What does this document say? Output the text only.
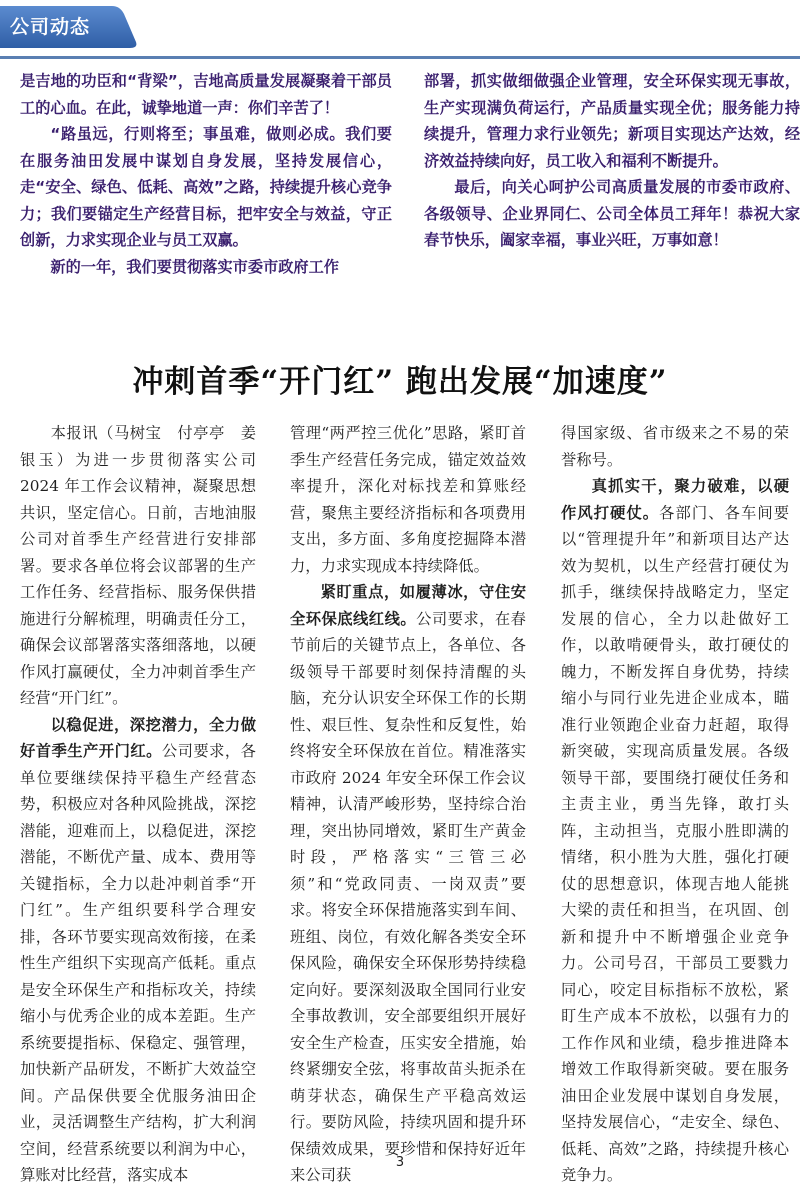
公司动态

是吉地的功臣和“背梁”，吉地高质量发展凝聚着干部员工的心血。在此，诚挚地道一声：你们辛苦了！

“路虽远，行则将至；事虽难，做则必成。我们要在服务油田发展中谋划自身发展，坚持发展信心，走“安全、绿色、低耗、高效”之路，持续提升核心竞争力；我们要锚定生产经营目标，把牢安全与效益，守正创新，力求实现企业与员工双赢。

新的一年，我们要贯彻落实市委市政府工作

部署，抓实做细做强企业管理，安全环保实现无事故，生产实现满负荷运行，产品质量实现全优；服务能力持续提升，管理力求行业领先；新项目实现达产达效，经济效益持续向好，员工收入和福利不断提升。

最后，向关心呵护公司高质量发展的市委市政府、各级领导、企业界同仁、公司全体员工拜年！恭祝大家春节快乐，阖家幸福，事业兴旺，万事如意！

冲刺首季“开门红” 跑出发展“加速度”

本报讯（马树宝　付亭亭　姜银玉）为进一步贯彻落实公司 2024 年工作会议精神，凝聚思想共识，坚定信心。日前，吉地油服公司对首季生产经营进行安排部署。要求各单位将会议部署的生产工作任务、经营指标、服务保供措施进行分解梳理，明确责任分工，确保会议部署落实落细落地，以硬作风打赢硬仗，全力冲刺首季生产经营“开门红”。

以稳促进，深挖潜力，全力做好首季生产开门红。公司要求，各单位要继续保持平稳生产经营态势，积极应对各种风险挑战，深挖潜能，迎难而上，以稳促进，深挖潜能，不断优产量、成本、费用等关键指标，全力以赴冲刺首季“开门红”。生产组织要科学合理安排，各环节要实现高效衔接，在柔性生产组织下实现高产低耗。重点是安全环保生产和指标攻关，持续缩小与优秀企业的成本差距。生产系统要提指标、保稳定、强管理，加快新产品研发，不断扩大效益空间。产品保供要全优服务油田企业，灵活调整生产结构，扩大利润空间，经营系统要以利润为中心，算账对比经营，落实成本

管理“两严控三优化”思路，紧盯首季生产经营任务完成，锚定效益效率提升，深化对标找差和算账经营，聚焦主要经济指标和各项费用支出，多方面、多角度挖掘降本潜力，力求实现成本持续降低。

紧盯重点，如履薄冰，守住安全环保底线红线。公司要求，在春节前后的关键节点上，各单位、各级领导干部要时刻保持清醒的头脑，充分认识安全环保工作的长期性、艰巨性、复杂性和反复性，始终将安全环保放在首位。精准落实市政府 2024 年安全环保工作会议精神，认清严峻形势，坚持综合治理，突出协同增效，紧盯生产黄金时段，严格落实“三管三必须”和“党政同责、一岗双责”要求。将安全环保措施落实到车间、班组、岗位，有效化解各类安全环保风险，确保安全环保形势持续稳定向好。要深刻汲取全国同行业安全事故教训，安全部要组织开展好安全生产检查，压实安全措施，始终紧绷安全弦，将事故苗头扼杀在萌芽状态，确保生产平稳高效运行。要防风险，持续巩固和提升环保绩效成果，要珍惜和保持好近年来公司获

得国家级、省市级来之不易的荣誉称号。

真抓实干，聚力破难，以硬作风打硬仗。各部门、各车间要以“管理提升年”和新项目达产达效为契机，以生产经营打硬仗为抓手，继续保持战略定力，坚定发展的信心，全力以赴做好工作，以敢啃硬骨头，敢打硬仗的魄力，不断发挥自身优势，持续缩小与同行业先进企业成本，瞄准行业领跑企业奋力赶超，取得新突破，实现高质量发展。各级领导干部，要围绕打硬仗任务和主责主业，勇当先锋，敢打头阵，主动担当，克服小胜即满的情绪，积小胜为大胜，强化打硬仗的思想意识，体现吉地人能挑大梁的责任和担当，在巩固、创新和提升中不断增强企业竞争力。公司号召，干部员工要戮力同心，咬定目标指标不放松，紧盯生产成本不放松，以强有力的工作作风和业绩，稳步推进降本增效工作取得新突破。要在服务油田企业发展中谋划自身发展，坚持发展信心，“走安全、绿色、低耗、高效”之路，持续提升核心竞争力。

3
